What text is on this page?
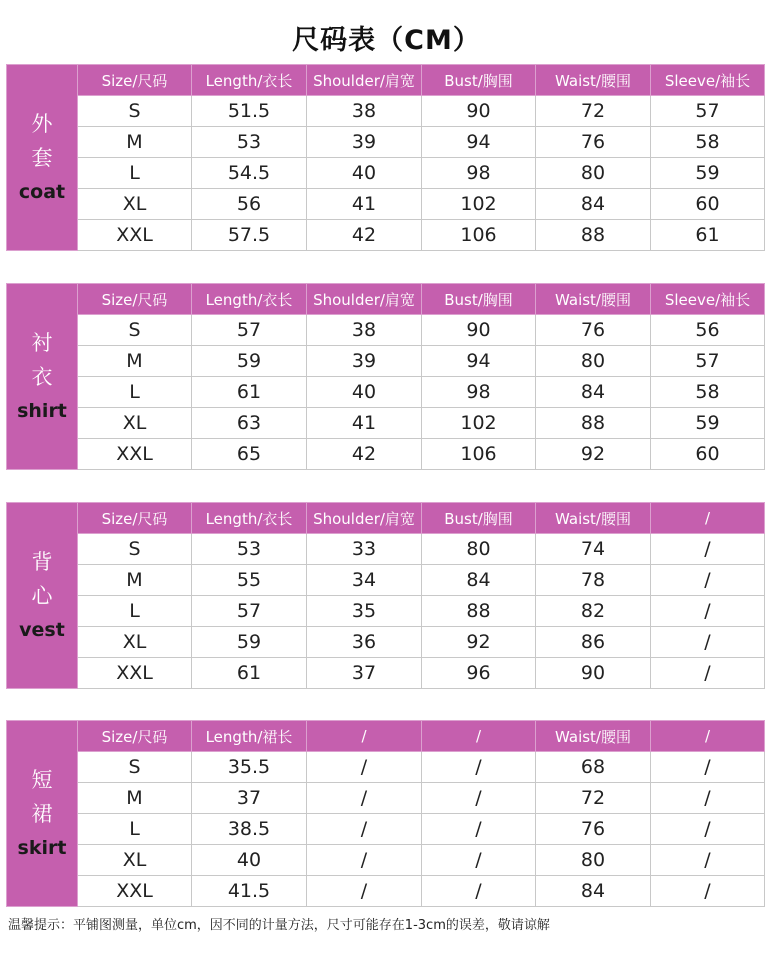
尺码表（CM）
外
套
coat	Size/尺码	Length/衣长	Shoulder/肩宽	Bust/胸围	Waist/腰围	Sleeve/袖长
	S	51.5	38	90	72	57
	M	53	39	94	76	58
	L	54.5	40	98	80	59
	XL	56	41	102	84	60
	XXL	57.5	42	106	88	61
衬
衣
shirt	Size/尺码	Length/衣长	Shoulder/肩宽	Bust/胸围	Waist/腰围	Sleeve/袖长
	S	57	38	90	76	56
	M	59	39	94	80	57
	L	61	40	98	84	58
	XL	63	41	102	88	59
	XXL	65	42	106	92	60
背
心
vest	Size/尺码	Length/衣长	Shoulder/肩宽	Bust/胸围	Waist/腰围	/
	S	53	33	80	74	/
	M	55	34	84	78	/
	L	57	35	88	82	/
	XL	59	36	92	86	/
	XXL	61	37	96	90	/
短
裙
skirt	Size/尺码	Length/裙长	/	/	Waist/腰围	/
	S	35.5	/	/	68	/
	M	37	/	/	72	/
	L	38.5	/	/	76	/
	XL	40	/	/	80	/
	XXL	41.5	/	/	84	/
温馨提示：平铺图测量，单位cm，因不同的计量方法，尺寸可能存在1-3cm的误差，敬请谅解
